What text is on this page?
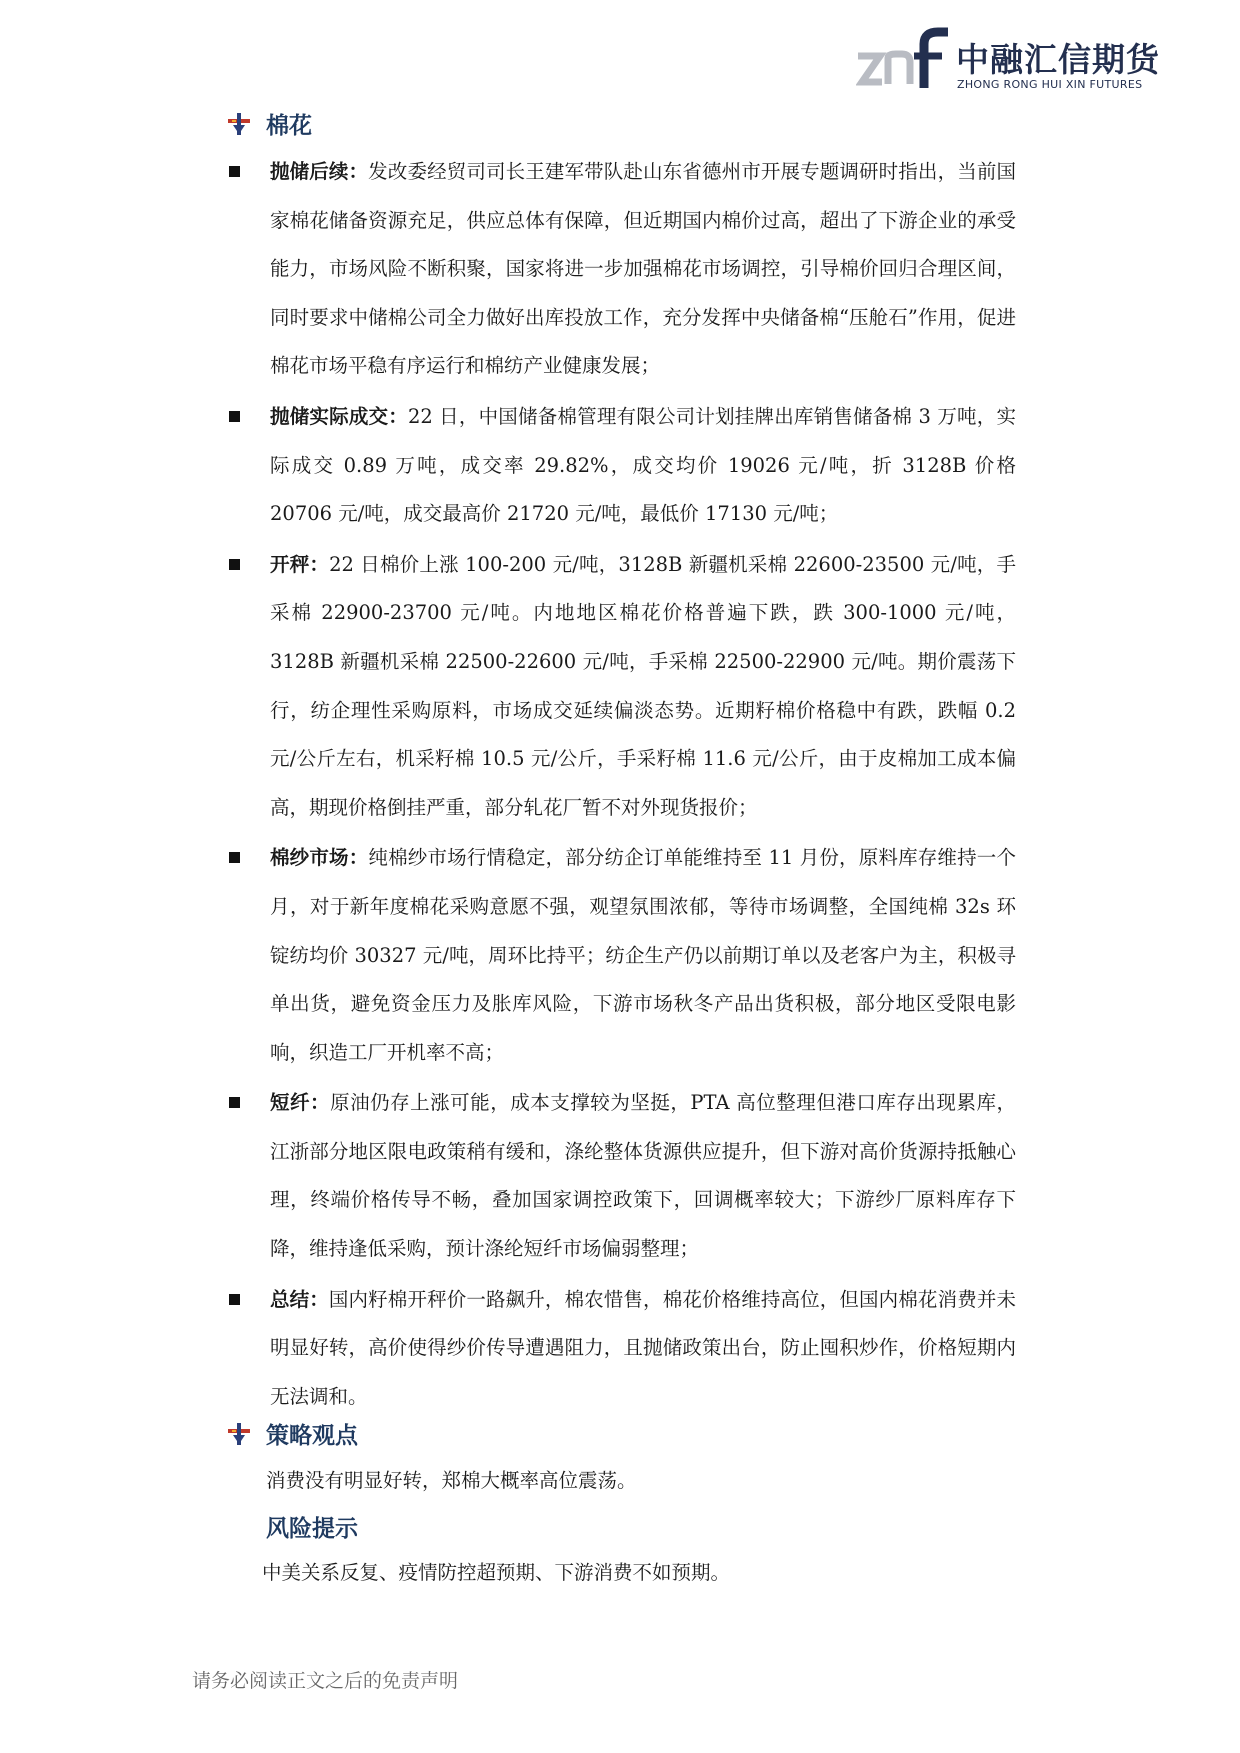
中融汇信期货
ZHONG RONG HUI XIN FUTURES
棉花
抛储后续：发改委经贸司司长王建军带队赴山东省德州市开展专题调研时指出，当前国家棉花储备资源充足，供应总体有保障，但近期国内棉价过高，超出了下游企业的承受能力，市场风险不断积聚，国家将进一步加强棉花市场调控，引导棉价回归合理区间，同时要求中储棉公司全力做好出库投放工作，充分发挥中央储备棉“压舱石”作用，促进棉花市场平稳有序运行和棉纺产业健康发展；
抛储实际成交：22 日，中国储备棉管理有限公司计划挂牌出库销售储备棉 3 万吨，实际成交 0.89 万吨，成交率 29.82%，成交均价 19026 元/吨，折 3128B 价格 20706 元/吨，成交最高价 21720 元/吨，最低价 17130 元/吨；
开秤：22 日棉价上涨 100-200 元/吨，3128B 新疆机采棉 22600-23500 元/吨，手采棉 22900-23700 元/吨。内地地区棉花价格普遍下跌，跌 300-1000 元/吨，3128B 新疆机采棉 22500-22600 元/吨，手采棉 22500-22900 元/吨。期价震荡下行，纺企理性采购原料，市场成交延续偏淡态势。近期籽棉价格稳中有跌，跌幅 0.2 元/公斤左右，机采籽棉 10.5 元/公斤，手采籽棉 11.6 元/公斤，由于皮棉加工成本偏高，期现价格倒挂严重，部分轧花厂暂不对外现货报价；
棉纱市场：纯棉纱市场行情稳定，部分纺企订单能维持至 11 月份，原料库存维持一个月，对于新年度棉花采购意愿不强，观望氛围浓郁，等待市场调整，全国纯棉 32s 环锭纺均价 30327 元/吨，周环比持平；纺企生产仍以前期订单以及老客户为主，积极寻单出货，避免资金压力及胀库风险，下游市场秋冬产品出货积极，部分地区受限电影响，织造工厂开机率不高；
短纤：原油仍存上涨可能，成本支撑较为坚挺，PTA 高位整理但港口库存出现累库，江浙部分地区限电政策稍有缓和，涤纶整体货源供应提升，但下游对高价货源持抵触心理，终端价格传导不畅，叠加国家调控政策下，回调概率较大；下游纱厂原料库存下降，维持逢低采购，预计涤纶短纤市场偏弱整理；
总结：国内籽棉开秤价一路飙升，棉农惜售，棉花价格维持高位，但国内棉花消费并未明显好转，高价使得纱价传导遭遇阻力，且抛储政策出台，防止囤积炒作，价格短期内无法调和。
策略观点
消费没有明显好转，郑棉大概率高位震荡。
风险提示
中美关系反复、疫情防控超预期、下游消费不如预期。
请务必阅读正文之后的免责声明
